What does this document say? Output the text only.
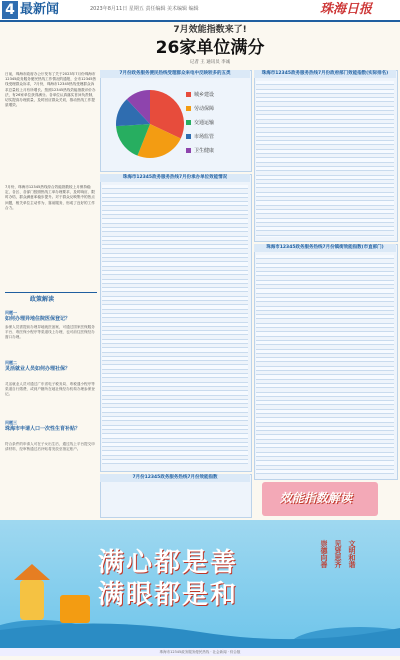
4 最新闻	2023年8月11日 星期五 责任编辑 美术编辑 编辑	珠海日报
7月效能指数来了!
26家单位满分
记者 王 通讯员 李诚
日前，珠海市政府办公厅发布了关于2023年7月份珠海市12345政务服务便民热线工作情况的通报，全市12345热线受理群众诉求，7月份，珠海市12345热线受理群众诉求总量较上月有所增长。按照12345热线效能指数评价办法，有26家单位获得满分。各单位认真落实首问负责制，切实提高办理质量，及时回应群众关切，推动热线工作提质增效。
7月份，珠海市12345热线综合效能指数较上月保持稳定，各区、各部门按照热线工单办理要求，及时响应、限时办结，群众满意率稳步提升。对于群众反映集中的热点问题，相关单位主动作为、靠前服务，形成了良好的工作合力。
政策解读
问题一
如何办理异地住院医保登记？
参保人员需提前办理异地就医备案，可通过国家医保服务平台、粤医保小程序等渠道线上办理，也可前往医保经办窗口办理。
问题二
灵活就业人员如何办理社保？
灵活就业人员可通过广东省电子税务局、粤税通小程序等渠道自行缴费，或到户籍所在地社保经办机构办理参保登记。
问题三
珠海市申请人口一次性生育补贴？
符合条件的申请人可在子女出生后，通过线上平台提交申请材料，经审核通过后补贴将发放至指定账户。
7月份政务服务便民热线受理群众来电中反映较多的五类
城乡建设
劳动保障
交通运输
市场监管
卫生健康
珠海市12345政务服务热线7月份承办单位效能情况
7月份12345政务服务热线7月份效能指数
珠海市12345政务服务热线7月份政府部门效能指数(实际排名)
珠海市12345政务服务热线7月份镇街效能指数(市直部门)
效能指数解读
满心都是善
满眼都是和
崇德向善 见贤思齐 文明和谐
珠海市12345政务服务便民热线 · 社会新闻 · 综合版
